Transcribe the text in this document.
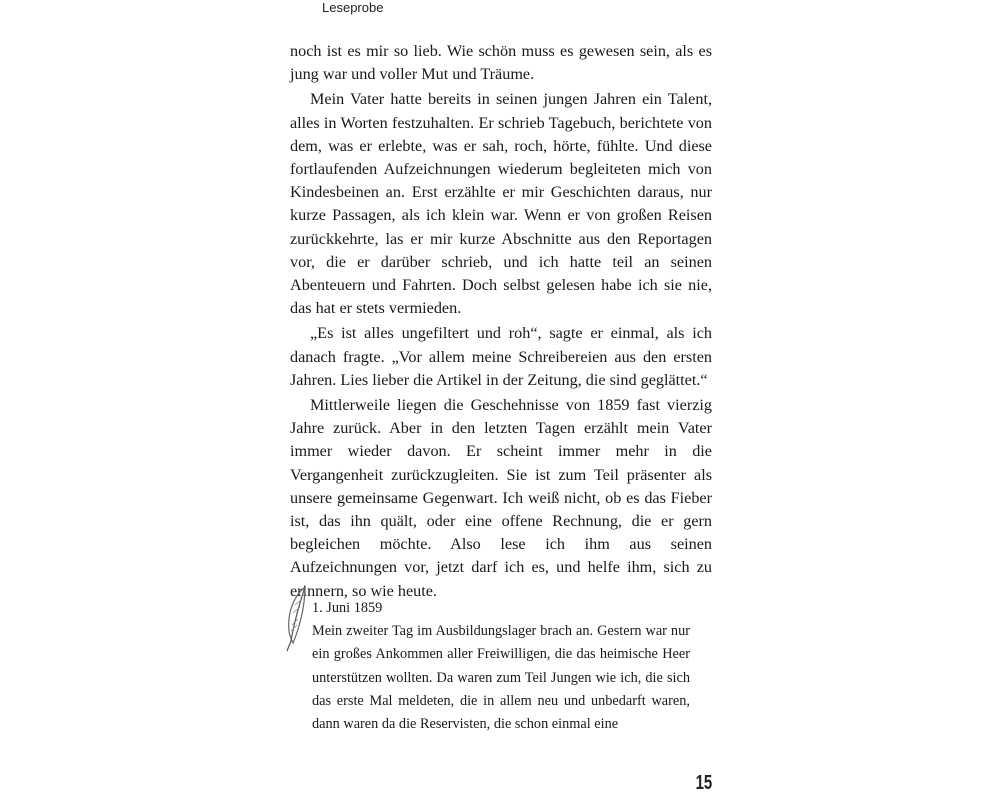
Leseprobe

noch ist es mir so lieb. Wie schön muss es gewesen sein, als es jung war und voller Mut und Träume.

Mein Vater hatte bereits in seinen jungen Jahren ein Talent, alles in Worten festzuhalten. Er schrieb Tagebuch, berichtete von dem, was er erlebte, was er sah, roch, hörte, fühlte. Und diese fortlaufenden Aufzeichnungen wiederum begleiteten mich von Kindesbeinen an. Erst erzählte er mir Geschichten daraus, nur kurze Passagen, als ich klein war. Wenn er von großen Reisen zurückkehrte, las er mir kurze Abschnitte aus den Reportagen vor, die er darüber schrieb, und ich hatte teil an seinen Abenteuern und Fahrten. Doch selbst gelesen habe ich sie nie, das hat er stets vermieden.

„Es ist alles ungefiltert und roh“, sagte er einmal, als ich danach fragte. „Vor allem meine Schreibereien aus den ersten Jahren. Lies lieber die Artikel in der Zeitung, die sind geglättet.“

Mittlerweile liegen die Geschehnisse von 1859 fast vierzig Jahre zurück. Aber in den letzten Tagen erzählt mein Vater immer wieder davon. Er scheint immer mehr in die Vergangenheit zurückzugleiten. Sie ist zum Teil präsenter als unsere gemeinsame Gegenwart. Ich weiß nicht, ob es das Fieber ist, das ihn quält, oder eine offene Rechnung, die er gern begleichen möchte. Also lese ich ihm aus seinen Aufzeichnungen vor, jetzt darf ich es, und helfe ihm, sich zu erinnern, so wie heute.

1. Juni 1859

Mein zweiter Tag im Ausbildungslager brach an. Gestern war nur ein großes Ankommen aller Freiwilligen, die das heimische Heer unterstützen wollten. Da waren zum Teil Jungen wie ich, die sich das erste Mal meldeten, die in allem neu und unbedarft waren, dann waren da die Reservisten, die schon einmal eine

15
